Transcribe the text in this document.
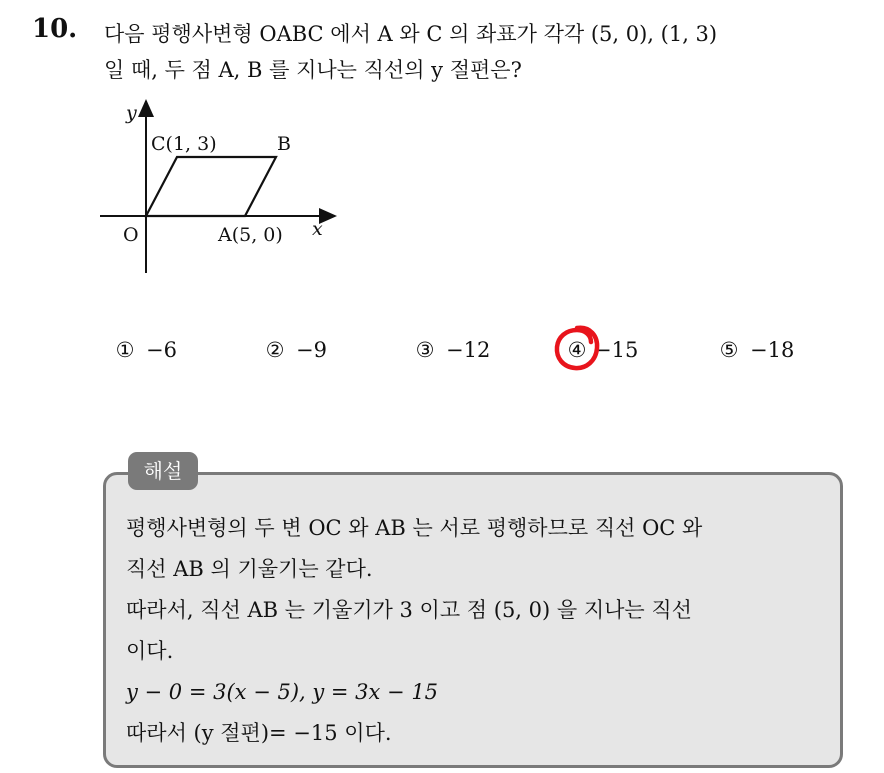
10. 다음 평행사변형 OABC 에서 A 와 C 의 좌표가 각각 (5, 0), (1, 3)
일 때, 두 점 A, B 를 지나는 직선의 y 절편은?
y
x
O	A(5, 0)
B
C(1, 3)
① −6	② −9	③ −12	④ −15	⑤ −18
해설
평행사변형의 두 변 OC 와 AB 는 서로 평행하므로 직선 OC 와
직선 AB 의 기울기는 같다.
따라서, 직선 AB 는 기울기가 3 이고 점 (5, 0) 을 지나는 직선
이다.
y − 0 = 3(x − 5), y = 3x − 15
따라서 (y 절편)= −15 이다.
